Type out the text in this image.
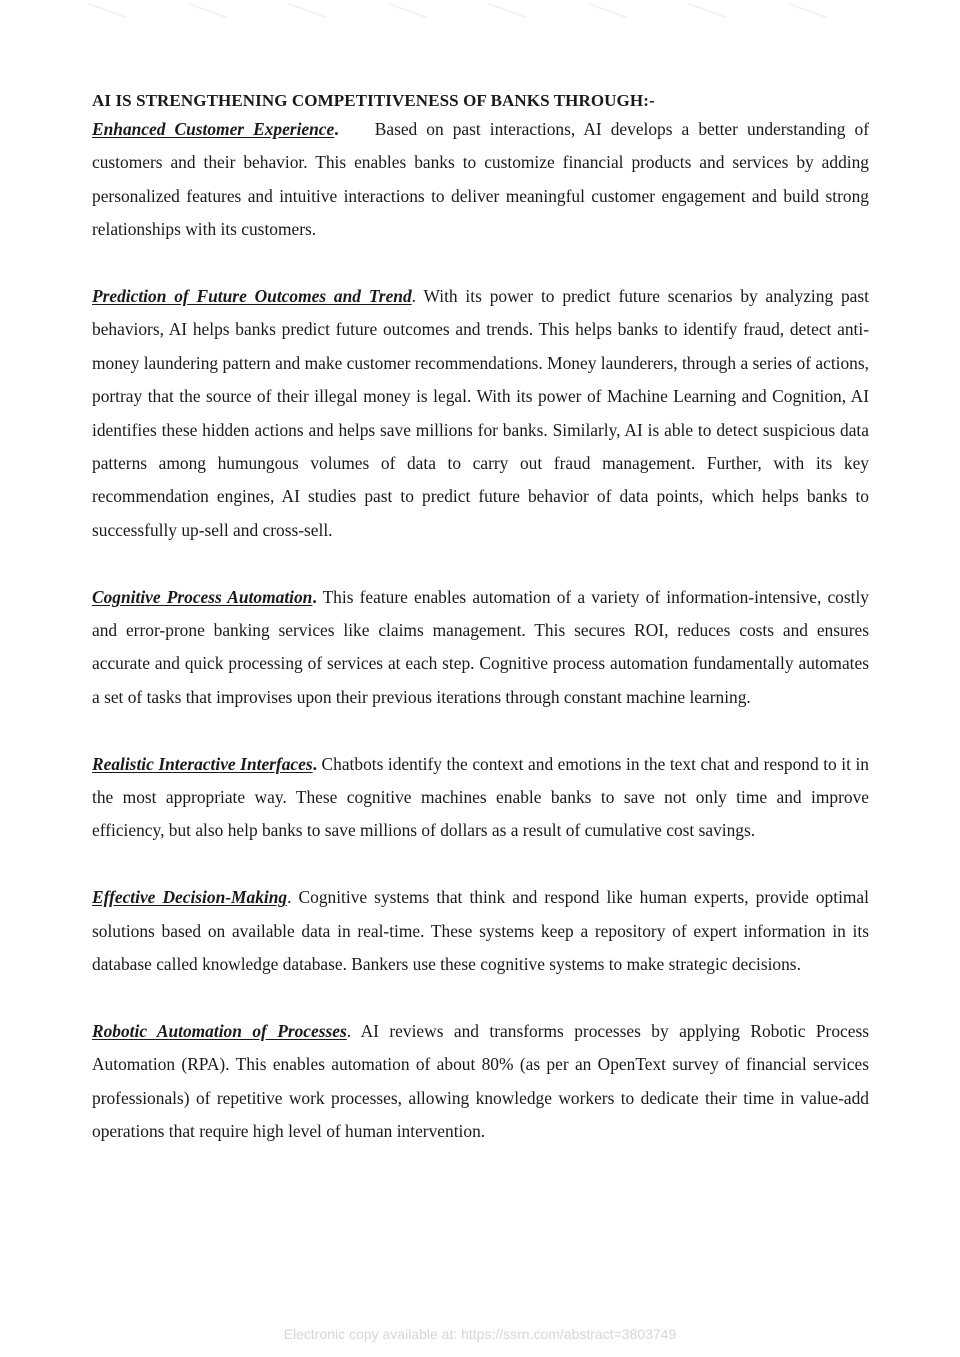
AI IS STRENGTHENING COMPETITIVENESS OF BANKS THROUGH:-

Enhanced Customer Experience. Based on past interactions, AI develops a better understanding of customers and their behavior. This enables banks to customize financial products and services by adding personalized features and intuitive interactions to deliver meaningful customer engagement and build strong relationships with its customers.

Prediction of Future Outcomes and Trend. With its power to predict future scenarios by analyzing past behaviors, AI helps banks predict future outcomes and trends. This helps banks to identify fraud, detect anti-money laundering pattern and make customer recommendations. Money launderers, through a series of actions, portray that the source of their illegal money is legal. With its power of Machine Learning and Cognition, AI identifies these hidden actions and helps save millions for banks. Similarly, AI is able to detect suspicious data patterns among humungous volumes of data to carry out fraud management. Further, with its key recommendation engines, AI studies past to predict future behavior of data points, which helps banks to successfully up-sell and cross-sell.

Cognitive Process Automation. This feature enables automation of a variety of information-intensive, costly and error-prone banking services like claims management. This secures ROI, reduces costs and ensures accurate and quick processing of services at each step. Cognitive process automation fundamentally automates a set of tasks that improvises upon their previous iterations through constant machine learning.

Realistic Interactive Interfaces. Chatbots identify the context and emotions in the text chat and respond to it in the most appropriate way. These cognitive machines enable banks to save not only time and improve efficiency, but also help banks to save millions of dollars as a result of cumulative cost savings.

Effective Decision-Making. Cognitive systems that think and respond like human experts, provide optimal solutions based on available data in real-time. These systems keep a repository of expert information in its database called knowledge database. Bankers use these cognitive systems to make strategic decisions.

Robotic Automation of Processes. AI reviews and transforms processes by applying Robotic Process Automation (RPA). This enables automation of about 80% (as per an OpenText survey of financial services professionals) of repetitive work processes, allowing knowledge workers to dedicate their time in value-add operations that require high level of human intervention.

Electronic copy available at: https://ssrn.com/abstract=3803749
